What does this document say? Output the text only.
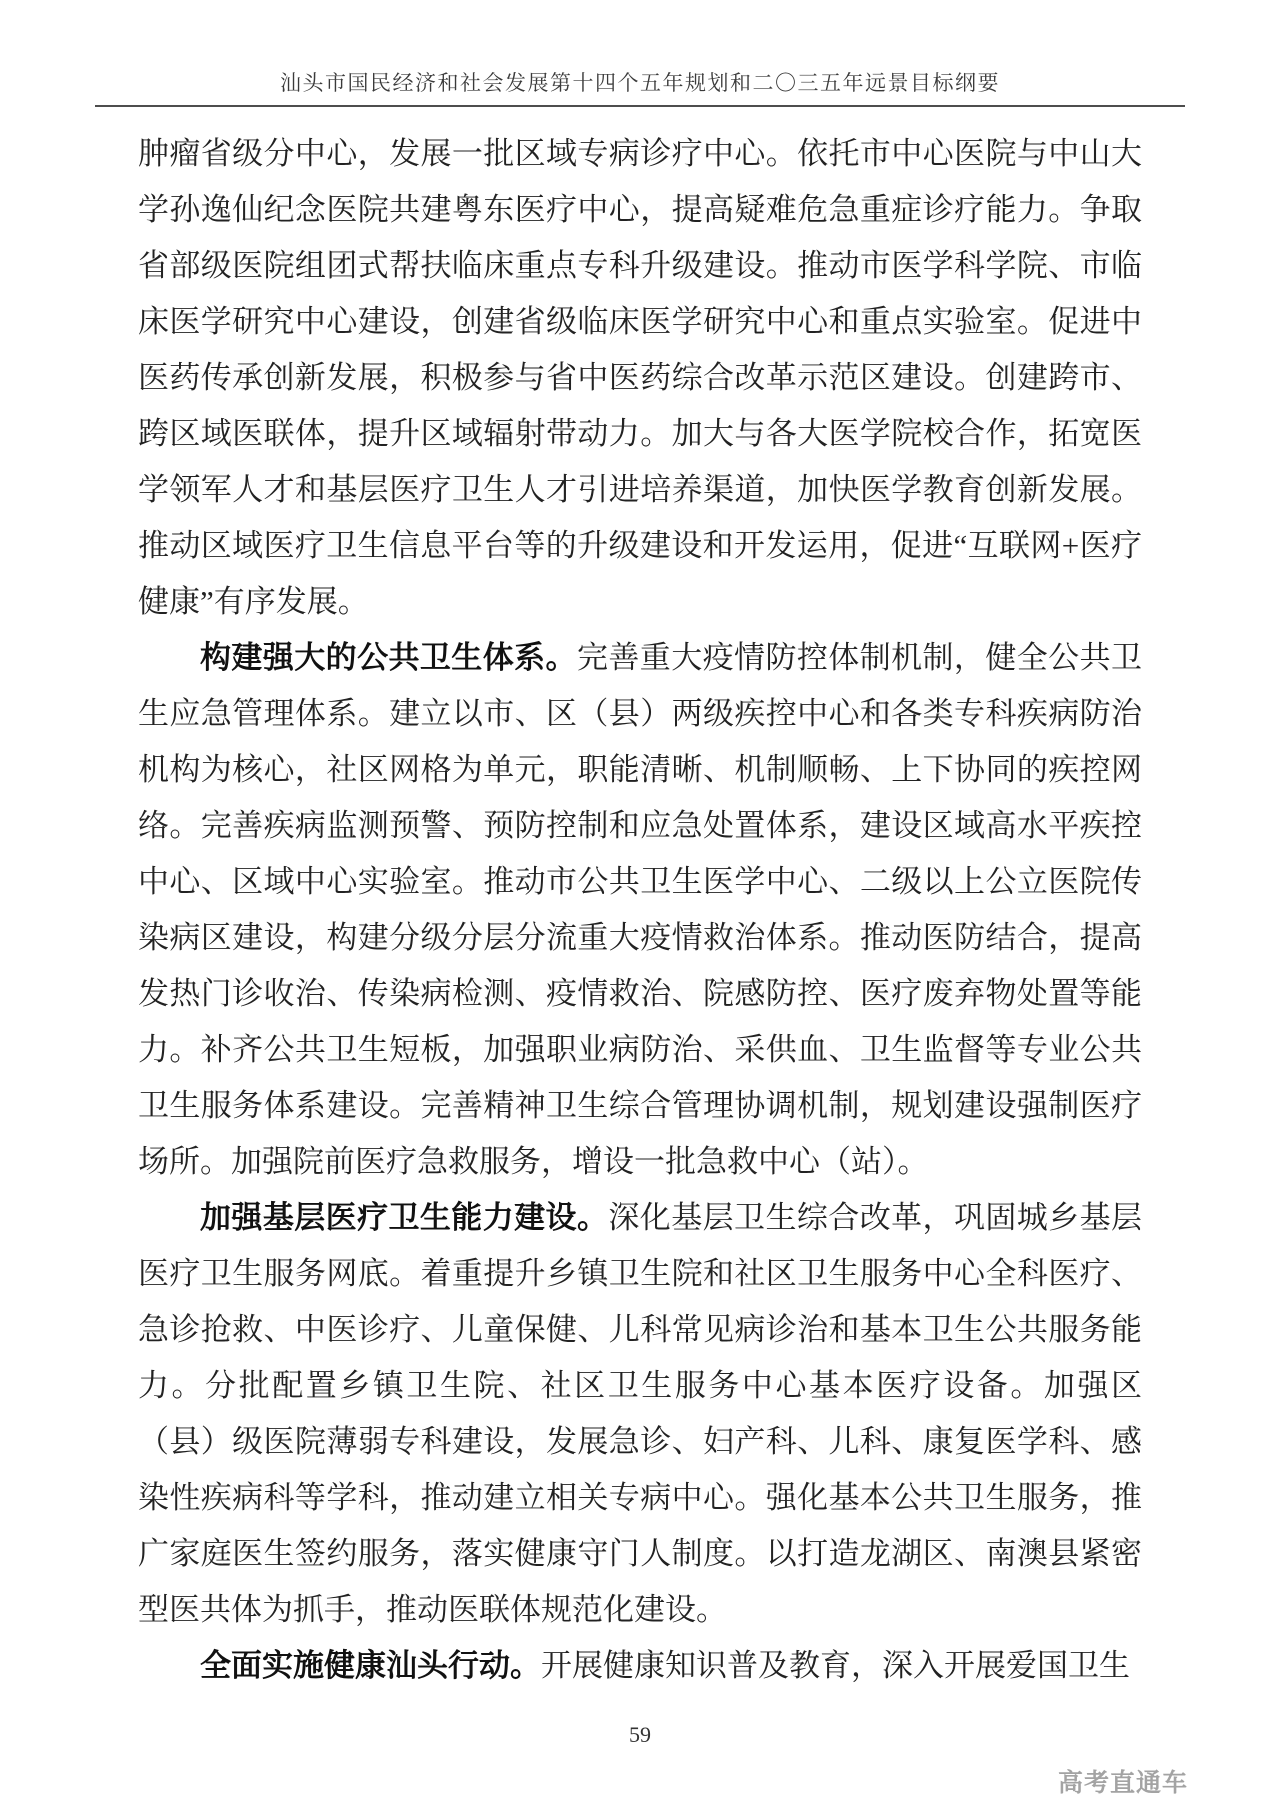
汕头市国民经济和社会发展第十四个五年规划和二〇三五年远景目标纲要

肿瘤省级分中心，发展一批区域专病诊疗中心。依托市中心医院与中山大学孙逸仙纪念医院共建粤东医疗中心，提高疑难危急重症诊疗能力。争取省部级医院组团式帮扶临床重点专科升级建设。推动市医学科学院、市临床医学研究中心建设，创建省级临床医学研究中心和重点实验室。促进中医药传承创新发展，积极参与省中医药综合改革示范区建设。创建跨市、跨区域医联体，提升区域辐射带动力。加大与各大医学院校合作，拓宽医学领军人才和基层医疗卫生人才引进培养渠道，加快医学教育创新发展。推动区域医疗卫生信息平台等的升级建设和开发运用，促进“互联网+医疗健康”有序发展。

构建强大的公共卫生体系。完善重大疫情防控体制机制，健全公共卫生应急管理体系。建立以市、区（县）两级疾控中心和各类专科疾病防治机构为核心，社区网格为单元，职能清晰、机制顺畅、上下协同的疾控网络。完善疾病监测预警、预防控制和应急处置体系，建设区域高水平疾控中心、区域中心实验室。推动市公共卫生医学中心、二级以上公立医院传染病区建设，构建分级分层分流重大疫情救治体系。推动医防结合，提高发热门诊收治、传染病检测、疫情救治、院感防控、医疗废弃物处置等能力。补齐公共卫生短板，加强职业病防治、采供血、卫生监督等专业公共卫生服务体系建设。完善精神卫生综合管理协调机制，规划建设强制医疗场所。加强院前医疗急救服务，增设一批急救中心（站）。

加强基层医疗卫生能力建设。深化基层卫生综合改革，巩固城乡基层医疗卫生服务网底。着重提升乡镇卫生院和社区卫生服务中心全科医疗、急诊抢救、中医诊疗、儿童保健、儿科常见病诊治和基本卫生公共服务能力。分批配置乡镇卫生院、社区卫生服务中心基本医疗设备。加强区（县）级医院薄弱专科建设，发展急诊、妇产科、儿科、康复医学科、感染性疾病科等学科，推动建立相关专病中心。强化基本公共卫生服务，推广家庭医生签约服务，落实健康守门人制度。以打造龙湖区、南澳县紧密型医共体为抓手，推动医联体规范化建设。

全面实施健康汕头行动。开展健康知识普及教育，深入开展爱国卫生

59
高考直通车
